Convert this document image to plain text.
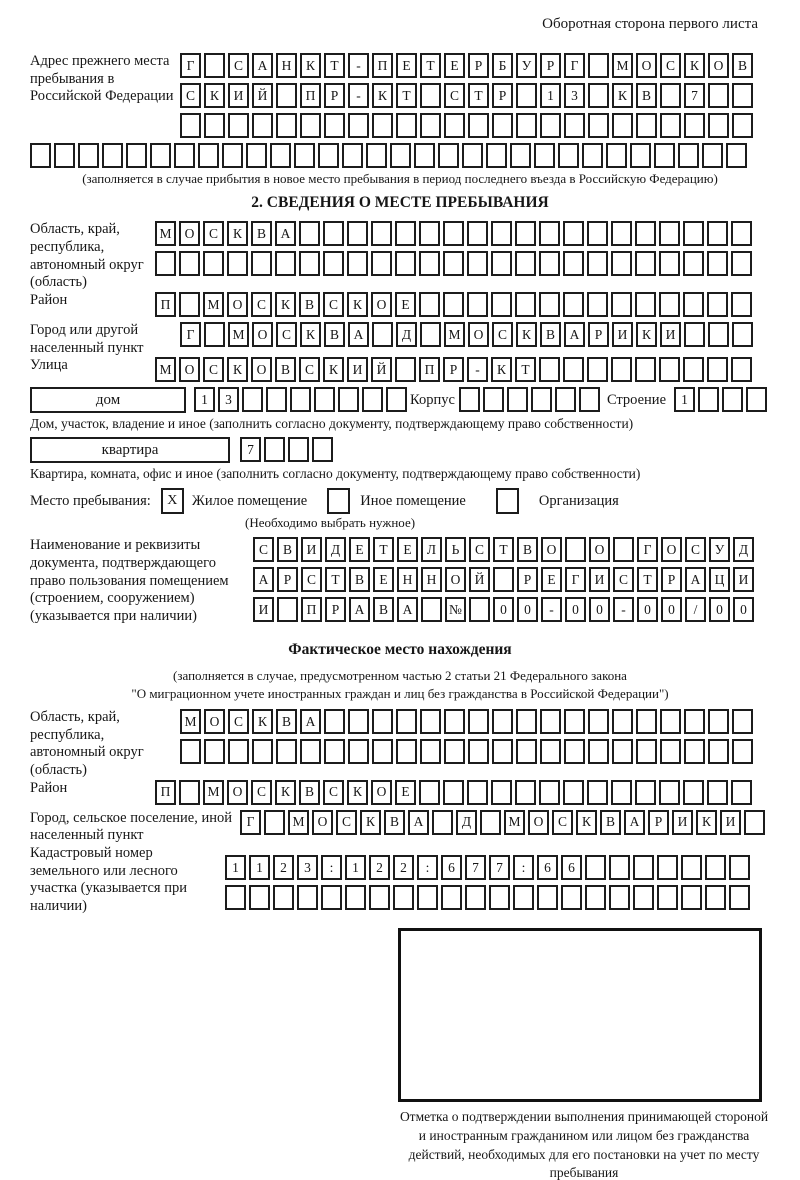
Оборотная сторона первого листа
Адрес прежнего места пребывания в Российской Федерации
Г	С А Н К Т - П Е Т Е Р Б У Р Г	М О С К О В
С К И Й	П Р - К Т	С Т Р	1 3	К В	7
(заполняется в случае прибытия в новое место пребывания в период последнего въезда в Российскую Федерацию)
2. СВЕДЕНИЯ О МЕСТЕ ПРЕБЫВАНИЯ
Область, край, республика, автономный округ (область)
М О С К В А
Район	П	М О С К В С К О Е
Город или другой населенный пункт
Г	М О С К В А	Д	М О С К В А Р И К И
Улица	М О С К О В С К И Й	П Р - К Т
дом	1 3	Корпус	Строение	1
Дом, участок, владение и иное (заполнить согласно документу, подтверждающему право собственности)
квартира	7
Квартира, комната, офис и иное (заполнить согласно документу, подтверждающему право собственности)
Место пребывания:	X Жилое помещение	Иное помещение	Организация
(Необходимо выбрать нужное)
Наименование и реквизиты документа, подтверждающего право пользования помещением (строением, сооружением) (указывается при наличии)
С В И Д Е Т Е Л Ь С Т В О	О	Г О С У Д
А Р С Т В Е Н Н О Й	Р Е Г И С Т Р А Ц И
И	П Р А В А	№	0 0 - 0 0 - 0 0 / 0 0
Фактическое место нахождения
(заполняется в случае, предусмотренном частью 2 статьи 21 Федерального закона
"О миграционном учете иностранных граждан и лиц без гражданства в Российской Федерации")
Область, край, республика, автономный округ (область)
М О С К В А
Район	П	М О С К В С К О Е
Город, сельское поселение, иной населенный пункт
Г	М О С К В А	Д	М О С К В А Р И К И
Кадастровый номер земельного или лесного участка (указывается при наличии)
1 1 2 3 : 1 2 2 : 6 7 7 : 6 6
Отметка о подтверждении выполнения принимающей стороной и иностранным гражданином или лицом без гражданства действий, необходимых для его постановки на учет по месту пребывания
